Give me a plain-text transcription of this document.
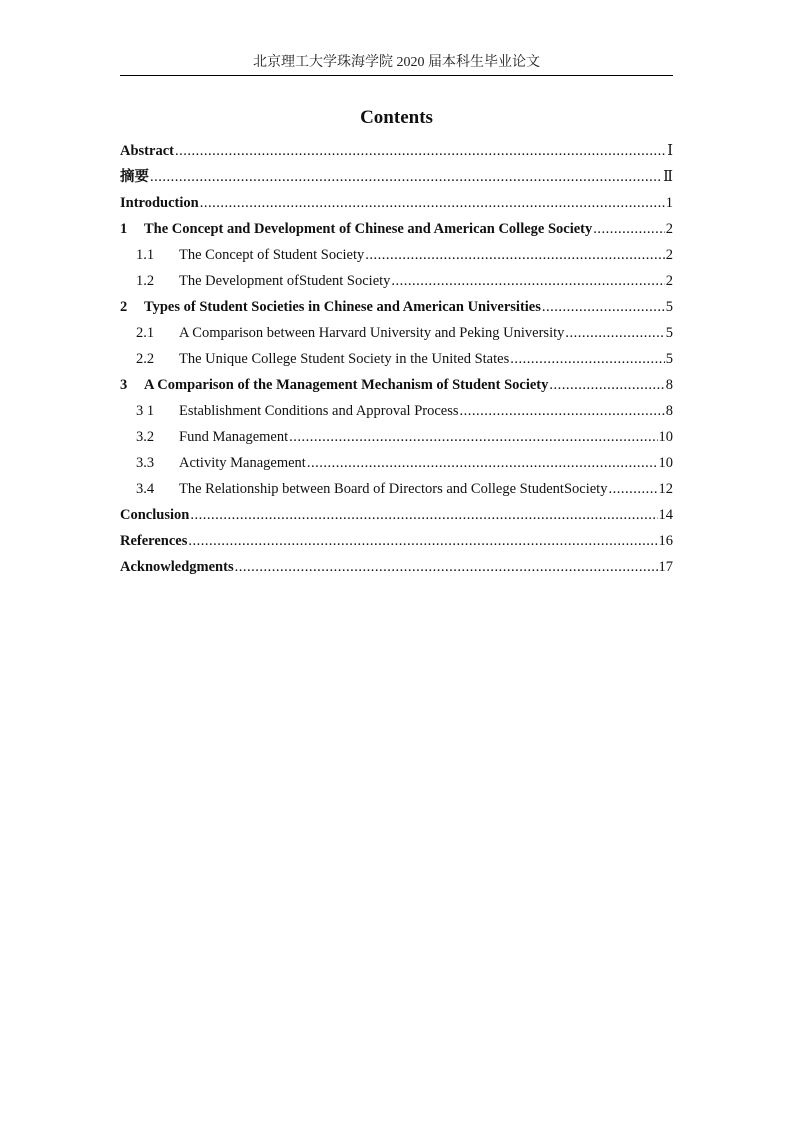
北京理工大学珠海学院 2020 届本科生毕业论文
Contents
Abstract .....	Ⅰ
摘要 .....	Ⅱ
Introduction .....	1
1	The Concept and Development of Chinese and American College Society .....	2
1.1	The Concept of Student Society .....	2
1.2	The Development ofStudent Society .....	2
2	Types of Student Societies in Chinese and American Universities .....	5
2.1	A Comparison between Harvard University and Peking University .....	5
2.2	The Unique College Student Society in the United States .....	5
3	A Comparison of the Management Mechanism of Student Society .....	8
3 1	Establishment Conditions and Approval Process .....	8
3.2	Fund Management .....	10
3.3	Activity Management .....	10
3.4	The Relationship between Board of Directors and College StudentSociety .....	12
Conclusion .....	14
References .....	16
Acknowledgments .....	17
